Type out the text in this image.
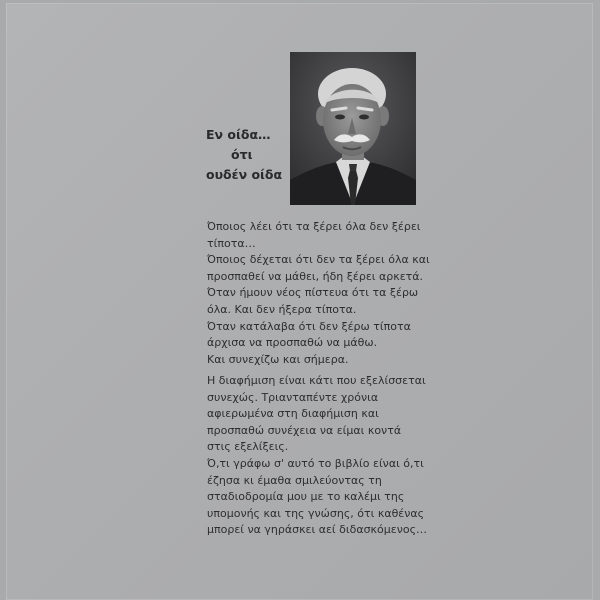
Εν οίδα…
ότι
ουδέν οίδα
Όποιος λέει ότι τα ξέρει όλα δεν ξέρει
τίποτα…
Όποιος δέχεται ότι δεν τα ξέρει όλα και
προσπαθεί να μάθει, ήδη ξέρει αρκετά.
Όταν ήμουν νέος πίστευα ότι τα ξέρω
όλα. Και δεν ήξερα τίποτα.
Όταν κατάλαβα ότι δεν ξέρω τίποτα
άρχισα να προσπαθώ να μάθω.
Και συνεχίζω και σήμερα.
Η διαφήμιση είναι κάτι που εξελίσσεται
συνεχώς. Τριανταπέντε χρόνια
αφιερωμένα στη διαφήμιση και
προσπαθώ συνέχεια να είμαι κοντά
στις εξελίξεις.
Ό,τι γράφω σ' αυτό το βιβλίο είναι ό,τι
έζησα κι έμαθα σμιλεύοντας τη
σταδιοδρομία μου με το καλέμι της
υπομονής και της γνώσης, ότι καθένας
μπορεί να γηράσκει αεί διδασκόμενος…
